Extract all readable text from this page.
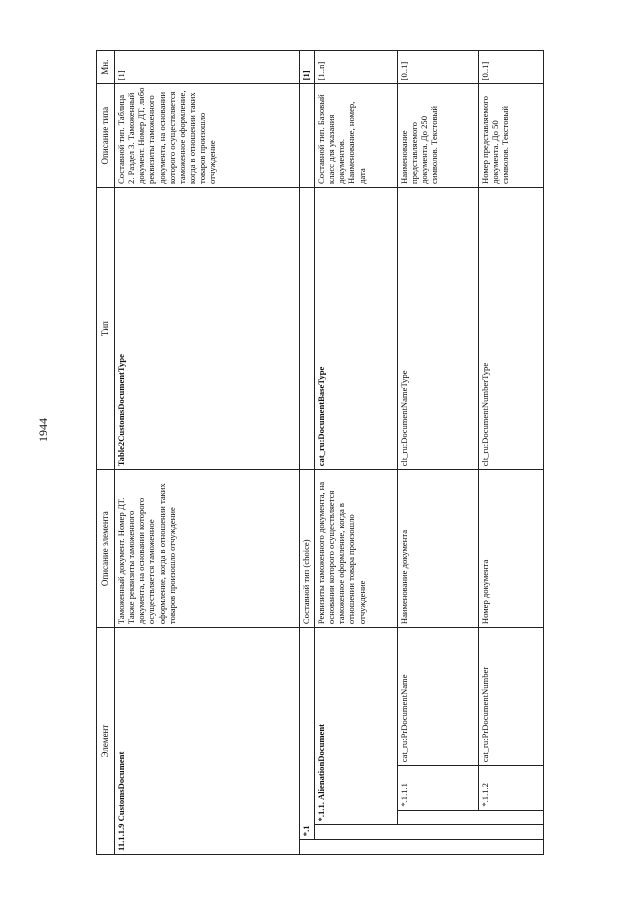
1944
Элемент					Описание элемента	Тип	Описание типа	Мн.
11.1.1.9 CustomsDocument					Таможенный документ. Номер ДТ. Также реквизиты таможенного документа, на основании которого осуществляется таможенное оформление, когда в отношении таких товаров произошло отчуждение	Table2CustomsDocumentType	Составной тип. Таблица 2. Раздел 3. Таможенный документ. Номер ДТ, либо реквизиты таможенного документа, на основании которого осуществляется таможенное оформление, когда в отношении таких товаров произошло отчуждение	[1]
	*.1				Составной тип (choice)			[1]
		*.1.1. AlienationDocument			Реквизиты таможенного документа, на основании которого осуществляется таможенное оформление, когда в отношении товара произошло отчуждение	cat_ru:DocumentBaseType	Составной тип. Базовый класс для указания документов. Наименование, номер, дата	[1..n]
			*.1.1.1	cat_ru:PrDocumentName	Наименование документа	clt_ru:DocumentNameType	Наименование представляемого документа. До 250 символов. Текстовый	[0..1]
			*.1.1.2	cat_ru:PrDocumentNumber	Номер документа	clt_ru:DocumentNumberType	Номер представляемого документа. До 50 символов. Текстовый	[0..1]
